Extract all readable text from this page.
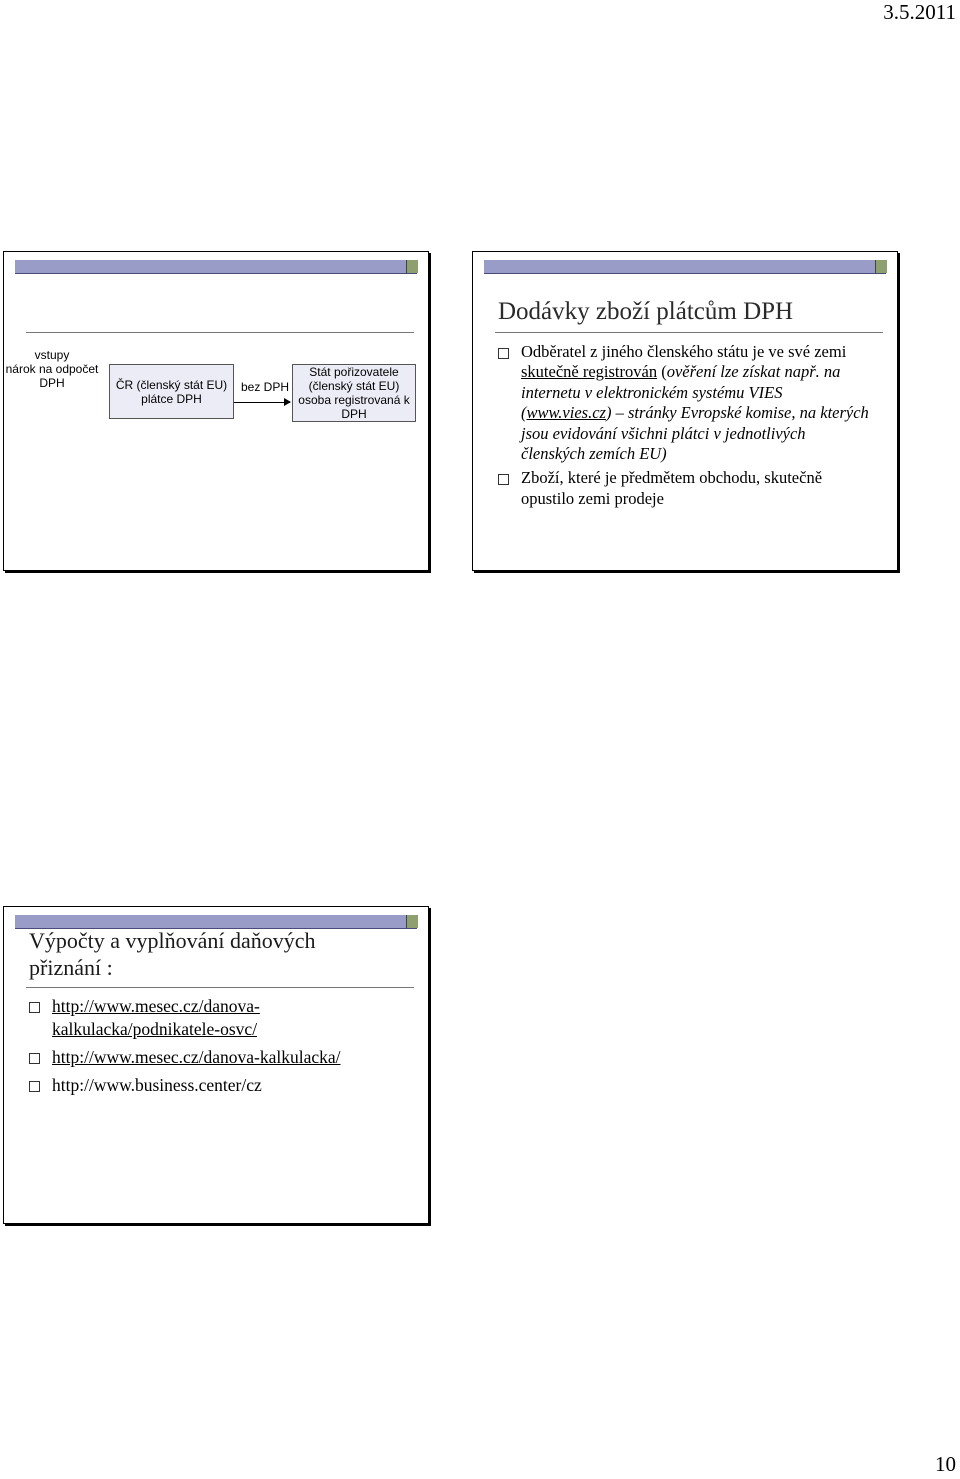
3.5.2011
vstupy
nárok na odpočet
DPH	ČR (členský stát EU)
plátce DPH
bez DPH
Stát pořizovatele
(členský stát EU)
osoba registrovaná k DPH
Dodávky zboží plátcům DPH
Odběratel z jiného členského státu je ve své zemi skutečně registrován (ověření lze získat např. na internetu v elektronickém systému VIES (www.vies.cz) – stránky Evropské komise, na kterých jsou evidování všichni plátci v jednotlivých členských zemích EU)
Zboží, které je předmětem obchodu, skutečně opustilo zemi prodeje
Výpočty a vyplňování daňových
přiznání :
http://www.mesec.cz/danova-
kalkulacka/podnikatele-osvc/
http://www.mesec.cz/danova-kalkulacka/
http://www.business.center/cz
10
